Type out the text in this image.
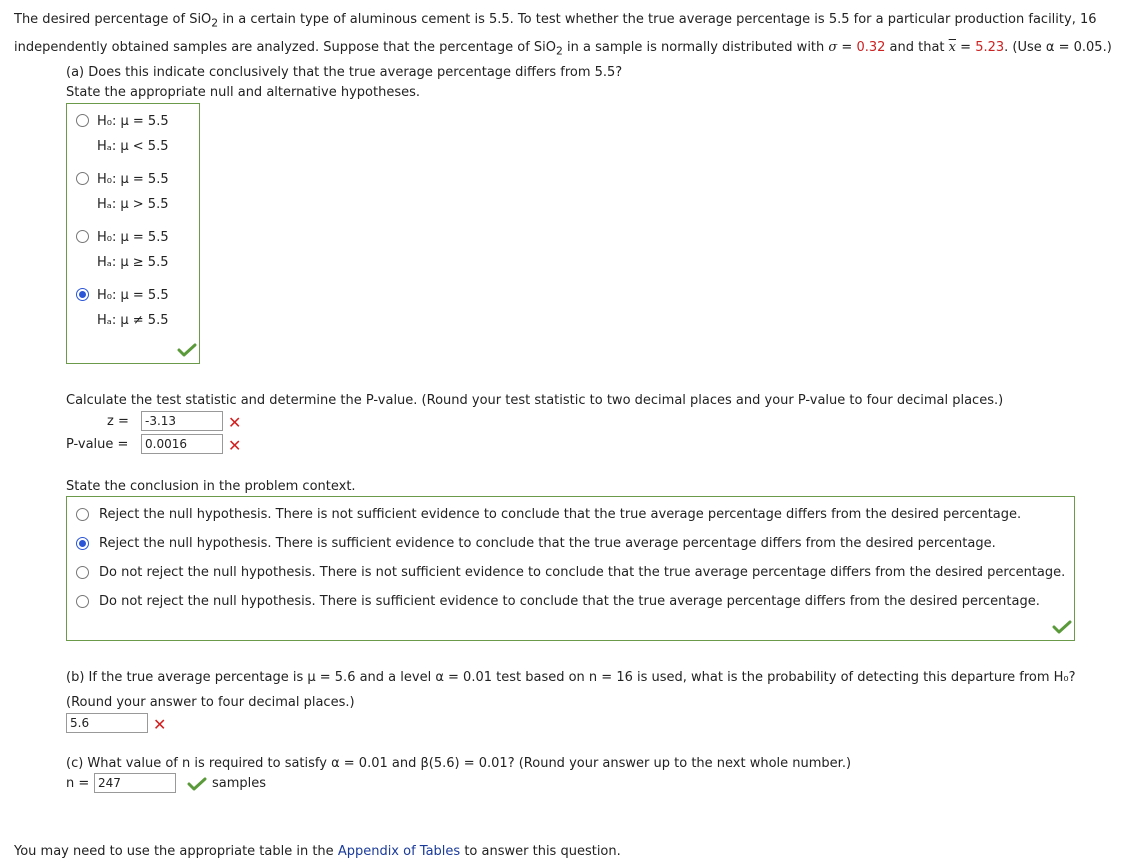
The desired percentage of SiO$_2$ in a certain type of aluminous cement is 5.5. To test whether the true average percentage is 5.5 for a particular production facility, 16
independently obtained samples are analyzed. Suppose that the percentage of SiO$_2$ in a sample is normally distributed with σ = 0.32 and that $\overline{x} = 5.23$. (Use α = 0.05.)
(a) Does this indicate conclusively that the true average percentage differs from 5.5?
State the appropriate null and alternative hypotheses.
H₀: μ = 5.5
Hₐ: μ < 5.5
H₀: μ = 5.5
Hₐ: μ > 5.5
H₀: μ = 5.5
Hₐ: μ ≥ 5.5
H₀: μ = 5.5
Hₐ: μ ≠ 5.5
Calculate the test statistic and determine the P-value. (Round your test statistic to two decimal places and your P-value to four decimal places.)
z =	-3.13	✕
P-value =	0.0016	✕
State the conclusion in the problem context.
Reject the null hypothesis. There is not sufficient evidence to conclude that the true average percentage differs from the desired percentage.
Reject the null hypothesis. There is sufficient evidence to conclude that the true average percentage differs from the desired percentage.
Do not reject the null hypothesis. There is not sufficient evidence to conclude that the true average percentage differs from the desired percentage.
Do not reject the null hypothesis. There is sufficient evidence to conclude that the true average percentage differs from the desired percentage.
(b) If the true average percentage is μ = 5.6 and a level α = 0.01 test based on n = 16 is used, what is the probability of detecting this departure from H₀?
(Round your answer to four decimal places.)
5.6	✕
(c) What value of n is required to satisfy α = 0.01 and β(5.6) = 0.01? (Round your answer up to the next whole number.)
n = 247	samples
You may need to use the appropriate table in the Appendix of Tables to answer this question.
